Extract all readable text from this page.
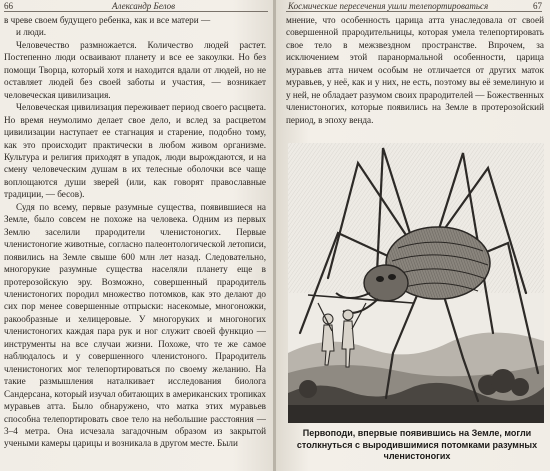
66	Александр Белов

в чреве своем будущего ребенка, как и все матери —

и люди.

Человечество размножается. Количество людей растет. Постепенно люди осваивают планету и все ее закоулки. Но без помощи Творца, который хотя и находится вдали от людей, но не оставляет людей без своей заботы и участия, — возникает человеческая цивилизация.

Человеческая цивилизация переживает период своего расцвета. Но время неумолимо делает свое дело, и вслед за расцветом цивилизации наступает ее стагнация и старение, подобно тому, как это происходит практически в любом живом организме. Культура и религия приходят в упадок, люди вырождаются, и на смену человеческим душам в их телесные оболочки все чаще воплощаются души зверей (или, как говорят православные традиции, — бесов).

Судя по всему, первые разумные существа, появившиеся на Земле, было совсем не похоже на человека. Одним из первых Землю заселили прародители членистоногих. Первые членистоногие животные, согласно палеонтологической летописи, появились на Земле свыше 600 млн лет назад. Следовательно, многорукие разумные существа населяли планету еще в протерозойскую эру. Возможно, совершенный прародитель членистоногих породил множество потомков, как это делают до сих пор менее совершенные отпрыски: насекомые, многоножки, ракообразные и хелицеровые. У многоруких и многоногих членистоногих каждая пара рук и ног служит своей функцио — инструменты на все случаи жизни. Похоже, что те же самое наблюдалось и у совершенного членистоного. Прародитель членистоногих мог телепортироваться по своему желанию. На такие размышления наталкивает исследования биолога Сандерсана, который изучал обитающих в американских тропиках муравьев атта. Было обнаружено, что матка этих муравьев способна телепортировать свое тело на небольшие расстояния — 3–4 метра. Она исчезала загадочным образом из закрытой учеными камеры царицы и возникала в другом месте. Были

Космические пересечения ушли телепортироваться	67

мнение, что особенность царица атта унаследовала от своей совершенной прародительницы, которая умела телепортировать свое тело в межзвездном пространстве. Впрочем, за исключением этой паранормальной особенности, царица муравьев атта ничем особым не отличается от других маток муравьев, у неё, как и у них, не есть, поэтому вы её земелиную и у ней, не обладает разумом своих прародителей — Божественных членистоногих, которые появились на Земле в протерозойский период, в эпоху венда.

Первоподи, впервые появившись на Земле, могли столкнуться с выродившимися потомками разумных членистоногих
